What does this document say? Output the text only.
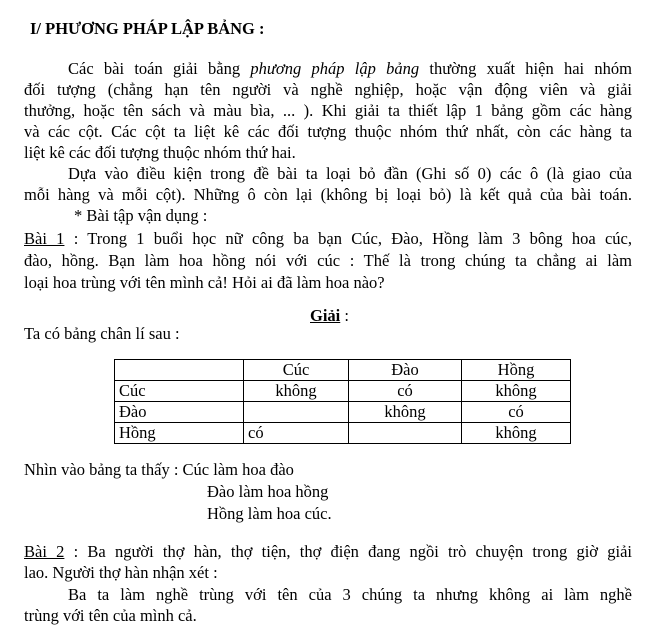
I/ PHƯƠNG PHÁP LẬP BẢNG :
Các bài toán giải bằng phương pháp lập bảng thường xuất hiện hai nhóm
đối tượng (chẳng hạn tên người và nghề nghiệp, hoặc vận động viên và giải
thưởng, hoặc tên sách và màu bìa, ... ). Khi giải ta thiết lập 1 bảng gồm các hàng
và các cột. Các cột ta liệt kê các đối tượng thuộc nhóm thứ nhất, còn các hàng ta
liệt kê các đối tượng thuộc nhóm thứ hai.
Dựa vào điều kiện trong đề bài ta loại bỏ đần (Ghi số 0) các ô (là giao của
mỗi hàng và mỗi cột). Những ô còn lại (không bị loại bỏ) là kết quả của bài toán.
* Bài tập vận dụng :
Bài 1 : Trong 1 buổi học nữ công ba bạn Cúc, Đào, Hồng làm 3 bông hoa cúc,
đào, hồng. Bạn làm hoa hồng nói với cúc : Thế là trong chúng ta chẳng ai làm
loại hoa trùng với tên mình cả! Hỏi ai đã làm hoa nào?
Giải :
Ta có bảng chân lí sau :
	Cúc	Đào	Hồng
Cúc	không	có	không
Đào		không	có
Hồng	có		không
Nhìn vào bảng ta thấy : Cúc làm hoa đào
Đào làm hoa hồng
Hồng làm hoa cúc.
Bài 2 : Ba người thợ hàn, thợ tiện, thợ điện đang ngồi trò chuyện trong giờ giải
lao. Người thợ hàn nhận xét :
Ba ta làm nghề trùng với tên của 3 chúng ta nhưng không ai làm nghề
trùng với tên của mình cả.
